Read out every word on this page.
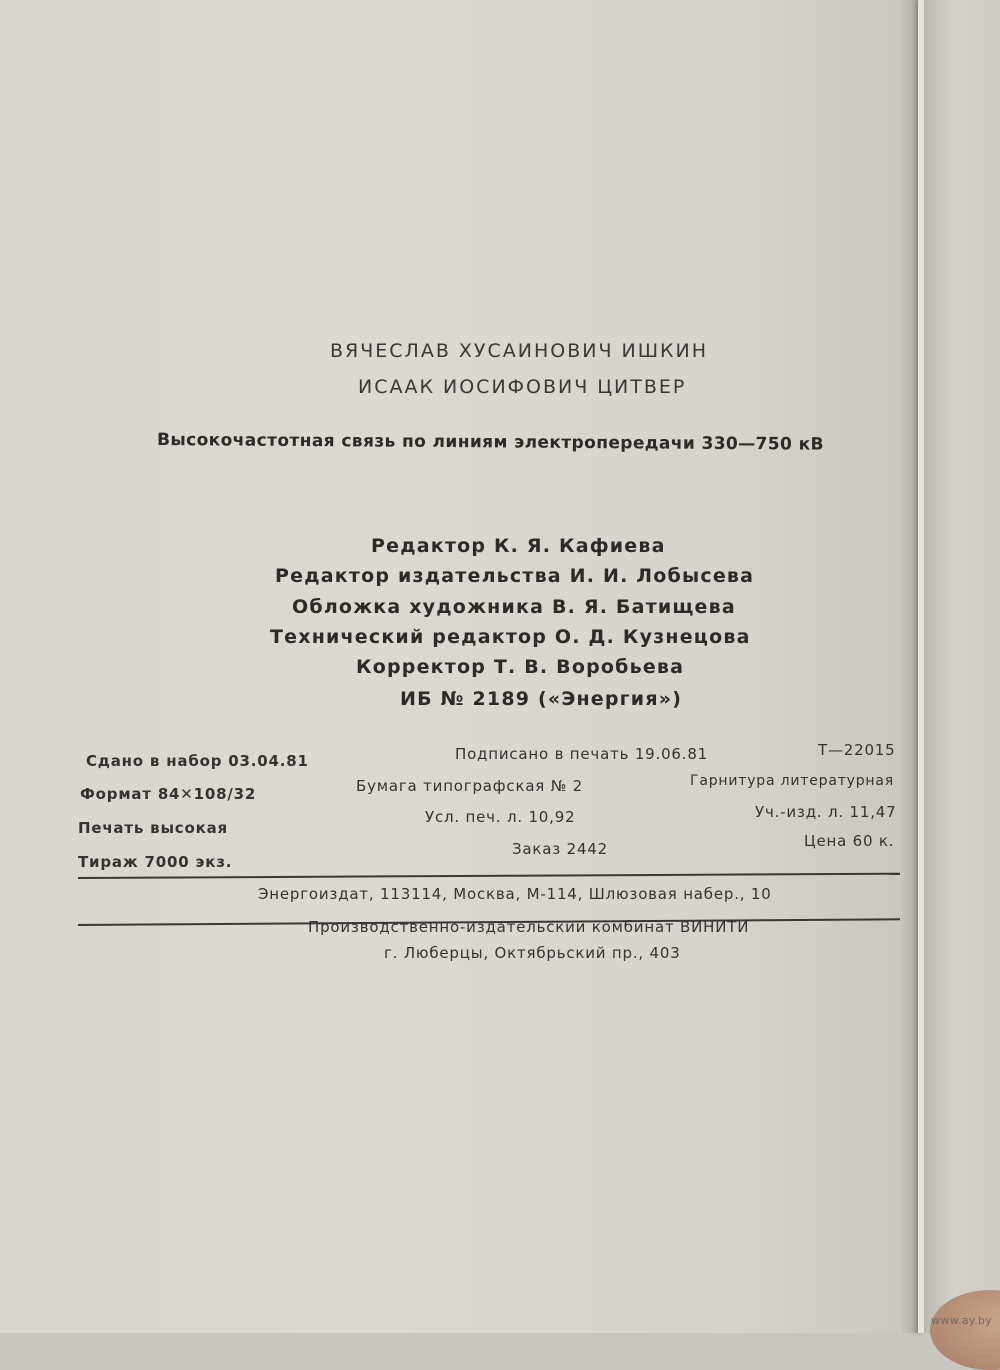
ВЯЧЕСЛАВ ХУСАИНОВИЧ ИШКИН
ИСААК ИОСИФОВИЧ ЦИТВЕР
Высокочастотная связь по линиям электропередачи 330—750 кВ
Редактор К. Я. Кафиева
Редактор издательства И. И. Лобысева
Обложка художника В. Я. Батищева
Технический редактор О. Д. Кузнецова
Корректор Т. В. Воробьева
ИБ № 2189 («Энергия»)
Сдано в набор 03.04.81
Формат 84✕108/32
Печать высокая
Тираж 7000 экз.
Подписано в печать 19.06.81
Бумага типографская № 2
Усл. печ. л. 10,92
Заказ 2442
Т—22015
Гарнитура литературная
Уч.-изд. л. 11,47
Цена 60 к.
Энергоиздат, 113114, Москва, М-114, Шлюзовая набер., 10
Производственно-издательский комбинат ВИНИТИ
г. Люберцы, Октябрьский пр., 403
www.ay.by
